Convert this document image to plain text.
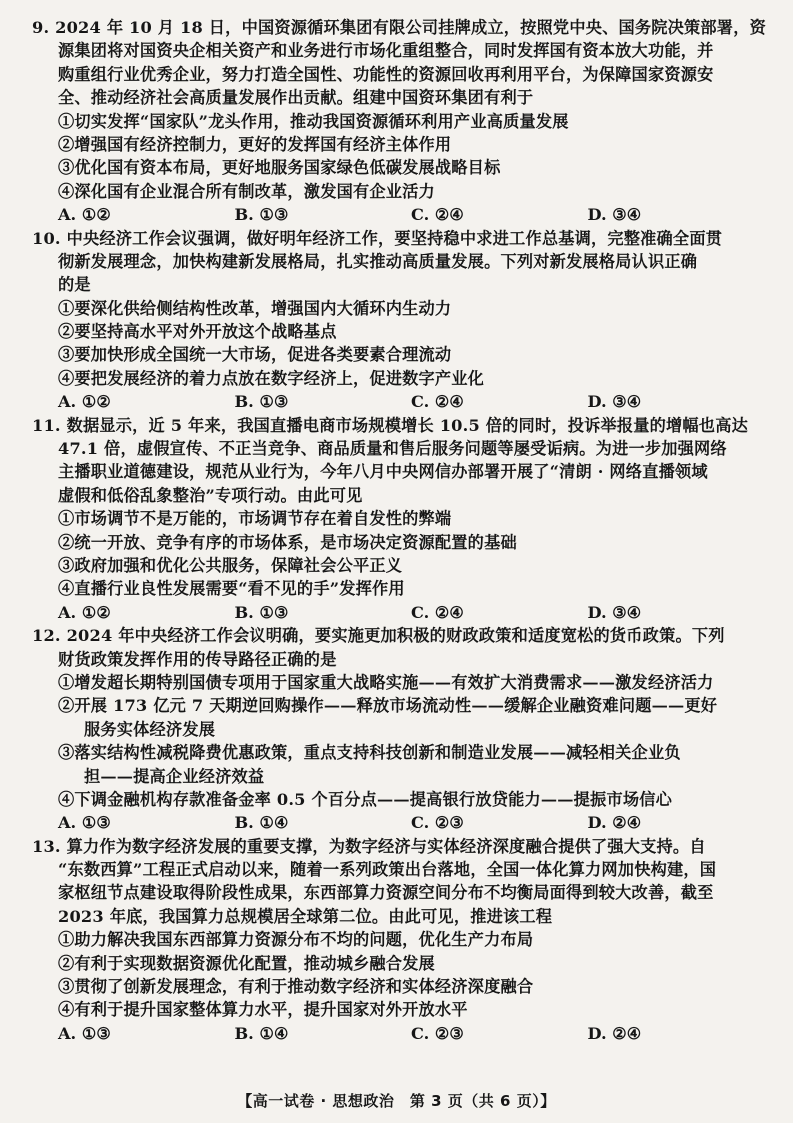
9. 2024 年 10 月 18 日，中国资源循环集团有限公司挂牌成立，按照党中央、国务院决策部署，资
源集团将对国资央企相关资产和业务进行市场化重组整合，同时发挥国有资本放大功能，并
购重组行业优秀企业，努力打造全国性、功能性的资源回收再利用平台，为保障国家资源安
全、推动经济社会高质量发展作出贡献。组建中国资环集团有利于
①切实发挥“国家队”龙头作用，推动我国资源循环利用产业高质量发展
②增强国有经济控制力，更好的发挥国有经济主体作用
③优化国有资本布局，更好地服务国家绿色低碳发展战略目标
④深化国有企业混合所有制改革，激发国有企业活力
A. ①②	B. ①③	C. ②④	D. ③④
10. 中央经济工作会议强调，做好明年经济工作，要坚持稳中求进工作总基调，完整准确全面贯
彻新发展理念，加快构建新发展格局，扎实推动高质量发展。下列对新发展格局认识正确
的是
①要深化供给侧结构性改革，增强国内大循环内生动力
②要坚持高水平对外开放这个战略基点
③要加快形成全国统一大市场，促进各类要素合理流动
④要把发展经济的着力点放在数字经济上，促进数字产业化
A. ①②	B. ①③	C. ②④	D. ③④
11. 数据显示，近 5 年来，我国直播电商市场规模增长 10.5 倍的同时，投诉举报量的增幅也高达
47.1 倍，虚假宣传、不正当竞争、商品质量和售后服务问题等屡受诟病。为进一步加强网络
主播职业道德建设，规范从业行为，今年八月中央网信办部署开展了“清朗 · 网络直播领域
虚假和低俗乱象整治”专项行动。由此可见
①市场调节不是万能的，市场调节存在着自发性的弊端
②统一开放、竞争有序的市场体系，是市场决定资源配置的基础
③政府加强和优化公共服务，保障社会公平正义
④直播行业良性发展需要“看不见的手”发挥作用
A. ①②	B. ①③	C. ②④	D. ③④
12. 2024 年中央经济工作会议明确，要实施更加积极的财政政策和适度宽松的货币政策。下列
财货政策发挥作用的传导路径正确的是
①增发超长期特别国债专项用于国家重大战略实施——有效扩大消费需求——激发经济活力
②开展 173 亿元 7 天期逆回购操作——释放市场流动性——缓解企业融资难问题——更好
服务实体经济发展
③落实结构性减税降费优惠政策，重点支持科技创新和制造业发展——减轻相关企业负
担——提高企业经济效益
④下调金融机构存款准备金率 0.5 个百分点——提高银行放贷能力——提振市场信心
A. ①③	B. ①④	C. ②③	D. ②④
13. 算力作为数字经济发展的重要支撑，为数字经济与实体经济深度融合提供了强大支持。自
“东数西算”工程正式启动以来，随着一系列政策出台落地，全国一体化算力网加快构建，国
家枢纽节点建设取得阶段性成果，东西部算力资源空间分布不均衡局面得到较大改善，截至
2023 年底，我国算力总规模居全球第二位。由此可见，推进该工程
①助力解决我国东西部算力资源分布不均的问题，优化生产力布局
②有利于实现数据资源优化配置，推动城乡融合发展
③贯彻了创新发展理念，有利于推动数字经济和实体经济深度融合
④有利于提升国家整体算力水平，提升国家对外开放水平
A. ①③	B. ①④	C. ②③	D. ②④
【高一试卷 · 思想政治　第 3 页（共 6 页）】
